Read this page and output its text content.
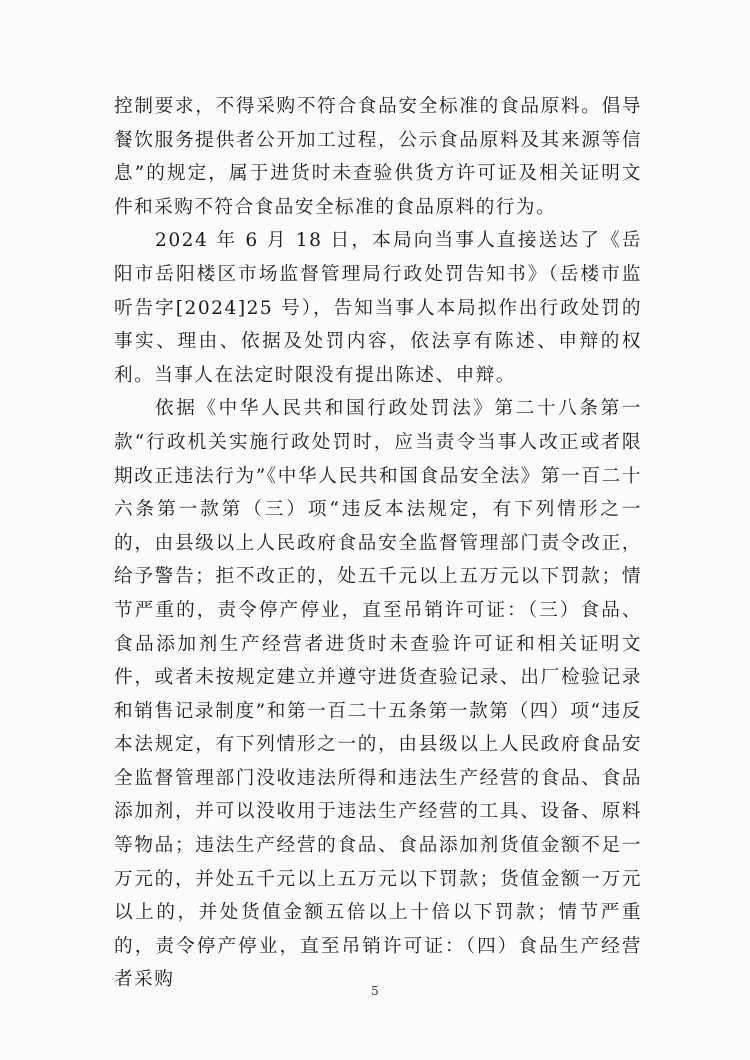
控制要求，不得采购不符合食品安全标准的食品原料。倡导餐饮服务提供者公开加工过程，公示食品原料及其来源等信息”的规定，属于进货时未查验供货方许可证及相关证明文件和采购不符合食品安全标准的食品原料的行为。

2024 年 6 月 18 日，本局向当事人直接送达了《岳阳市岳阳楼区市场监督管理局行政处罚告知书》（岳楼市监听告字[2024]25 号），告知当事人本局拟作出行政处罚的事实、理由、依据及处罚内容，依法享有陈述、申辩的权利。当事人在法定时限没有提出陈述、申辩。

依据《中华人民共和国行政处罚法》第二十八条第一款“行政机关实施行政处罚时，应当责令当事人改正或者限期改正违法行为”《中华人民共和国食品安全法》第一百二十六条第一款第（三）项“违反本法规定，有下列情形之一的，由县级以上人民政府食品安全监督管理部门责令改正，给予警告；拒不改正的，处五千元以上五万元以下罚款；情节严重的，责令停产停业，直至吊销许可证：（三）食品、食品添加剂生产经营者进货时未查验许可证和相关证明文件，或者未按规定建立并遵守进货查验记录、出厂检验记录和销售记录制度”和第一百二十五条第一款第（四）项“违反本法规定，有下列情形之一的，由县级以上人民政府食品安全监督管理部门没收违法所得和违法生产经营的食品、食品添加剂，并可以没收用于违法生产经营的工具、设备、原料等物品；违法生产经营的食品、食品添加剂货值金额不足一万元的，并处五千元以上五万元以下罚款；货值金额一万元以上的，并处货值金额五倍以上十倍以下罚款；情节严重的，责令停产停业，直至吊销许可证：（四）食品生产经营者采购

5
